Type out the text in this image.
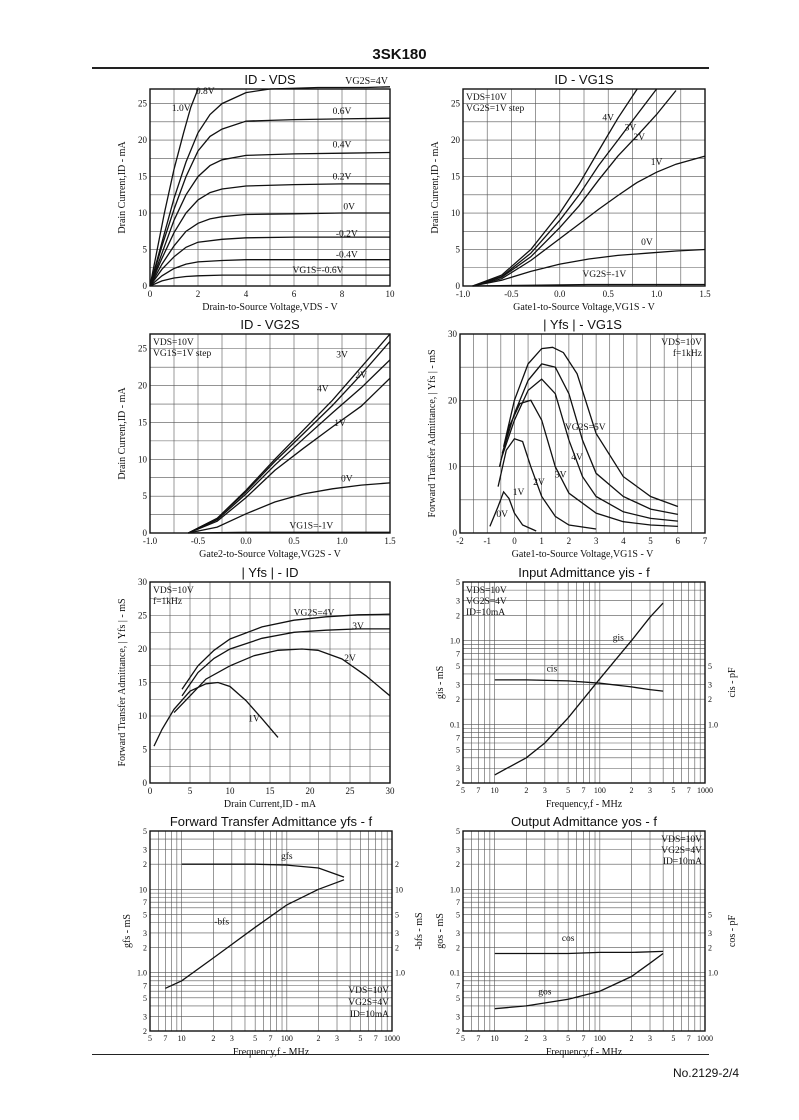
3SK180
No.2129-2/4
0	2	4	6	8	10
0
5
10
15
20
25
ID - VDS
Drain-to-Source Voltage,VDS - V
Drain Current,ID - mA
VG2S=4V
1.0V
0.8V
0.6V
0.4V
0.2V
0V
-0.2V
-0.4V
VG1S=-0.6V
-1.0	-0.5	0.0	0.5	1.0	1.5
0
5
10
15
20
25
ID - VG1S
Gate1-to-Source Voltage,VG1S - V
Drain Current,ID - mA
VDS=10V
VG2S=1V step
4V
3V
2V
1V
0V
VG2S=-1V
-1.0	-0.5	0.0	0.5	1.0	1.5
0
5
10
15
20
25
ID - VG2S
Gate2-to-Source Voltage,VG2S - V
Drain Current,ID - mA
VDS=10V
VG1S=1V step	3V
4V
2V
1V
0V
VG1S=-1V
-2 -1 0	1	2	3	4	5	6	7
0
10
20
30
| Yfs | - VG1S
Gate1-to-Source Voltage,VG1S - V
Forward Transfer Admittance, | Yfs | - mS
VDS=10V
f=1kHz
VG2S=5V
4V
3V
2V
1V
0V
0	5	10	15	20	25	30
0
5
10
15
20
25
30
| Yfs | - ID
Drain Current,ID - mA
Forward Transfer Admittance, | Yfs | - mS
VDS=10V
f=1kHz
VG2S=4V
3V
2V
1V
5 7 10	2 3 5 7 100	2 3 5 7 1000
5
3
2
1.0
7
5
3
2
0.1
7
5
3
2
5
3
2
1.0
cis - pF
Input Admittance yis - f
Frequency,f - MHz
gis - mS
VDS=10V
VG2S=4V
ID=10mA
gis
cis
5 7 10	2 3 5 7 100	2 3 5 7 1000
5
3
2
10
7
5
3
2
1.0
7
5
3
2
2
10
5
3
2
1.0
-bfs - mS
Forward Transfer Admittance yfs - f
Frequency,f - MHz
gfs - mS
VDS=10V
VG2S=4V
ID=10mA
gfs
-bfs
5 7 10	2 3 5 7 100	2 3 5 7 1000
5
3
2
1.0
7
5
3
2
0.1
7
5
3
2
5
3
2
1.0
cos - pF
Output Admittance yos - f
Frequency,f - MHz
gos - mS
VDS=10V
VG2S=4V
ID=10mA
cos
gos
